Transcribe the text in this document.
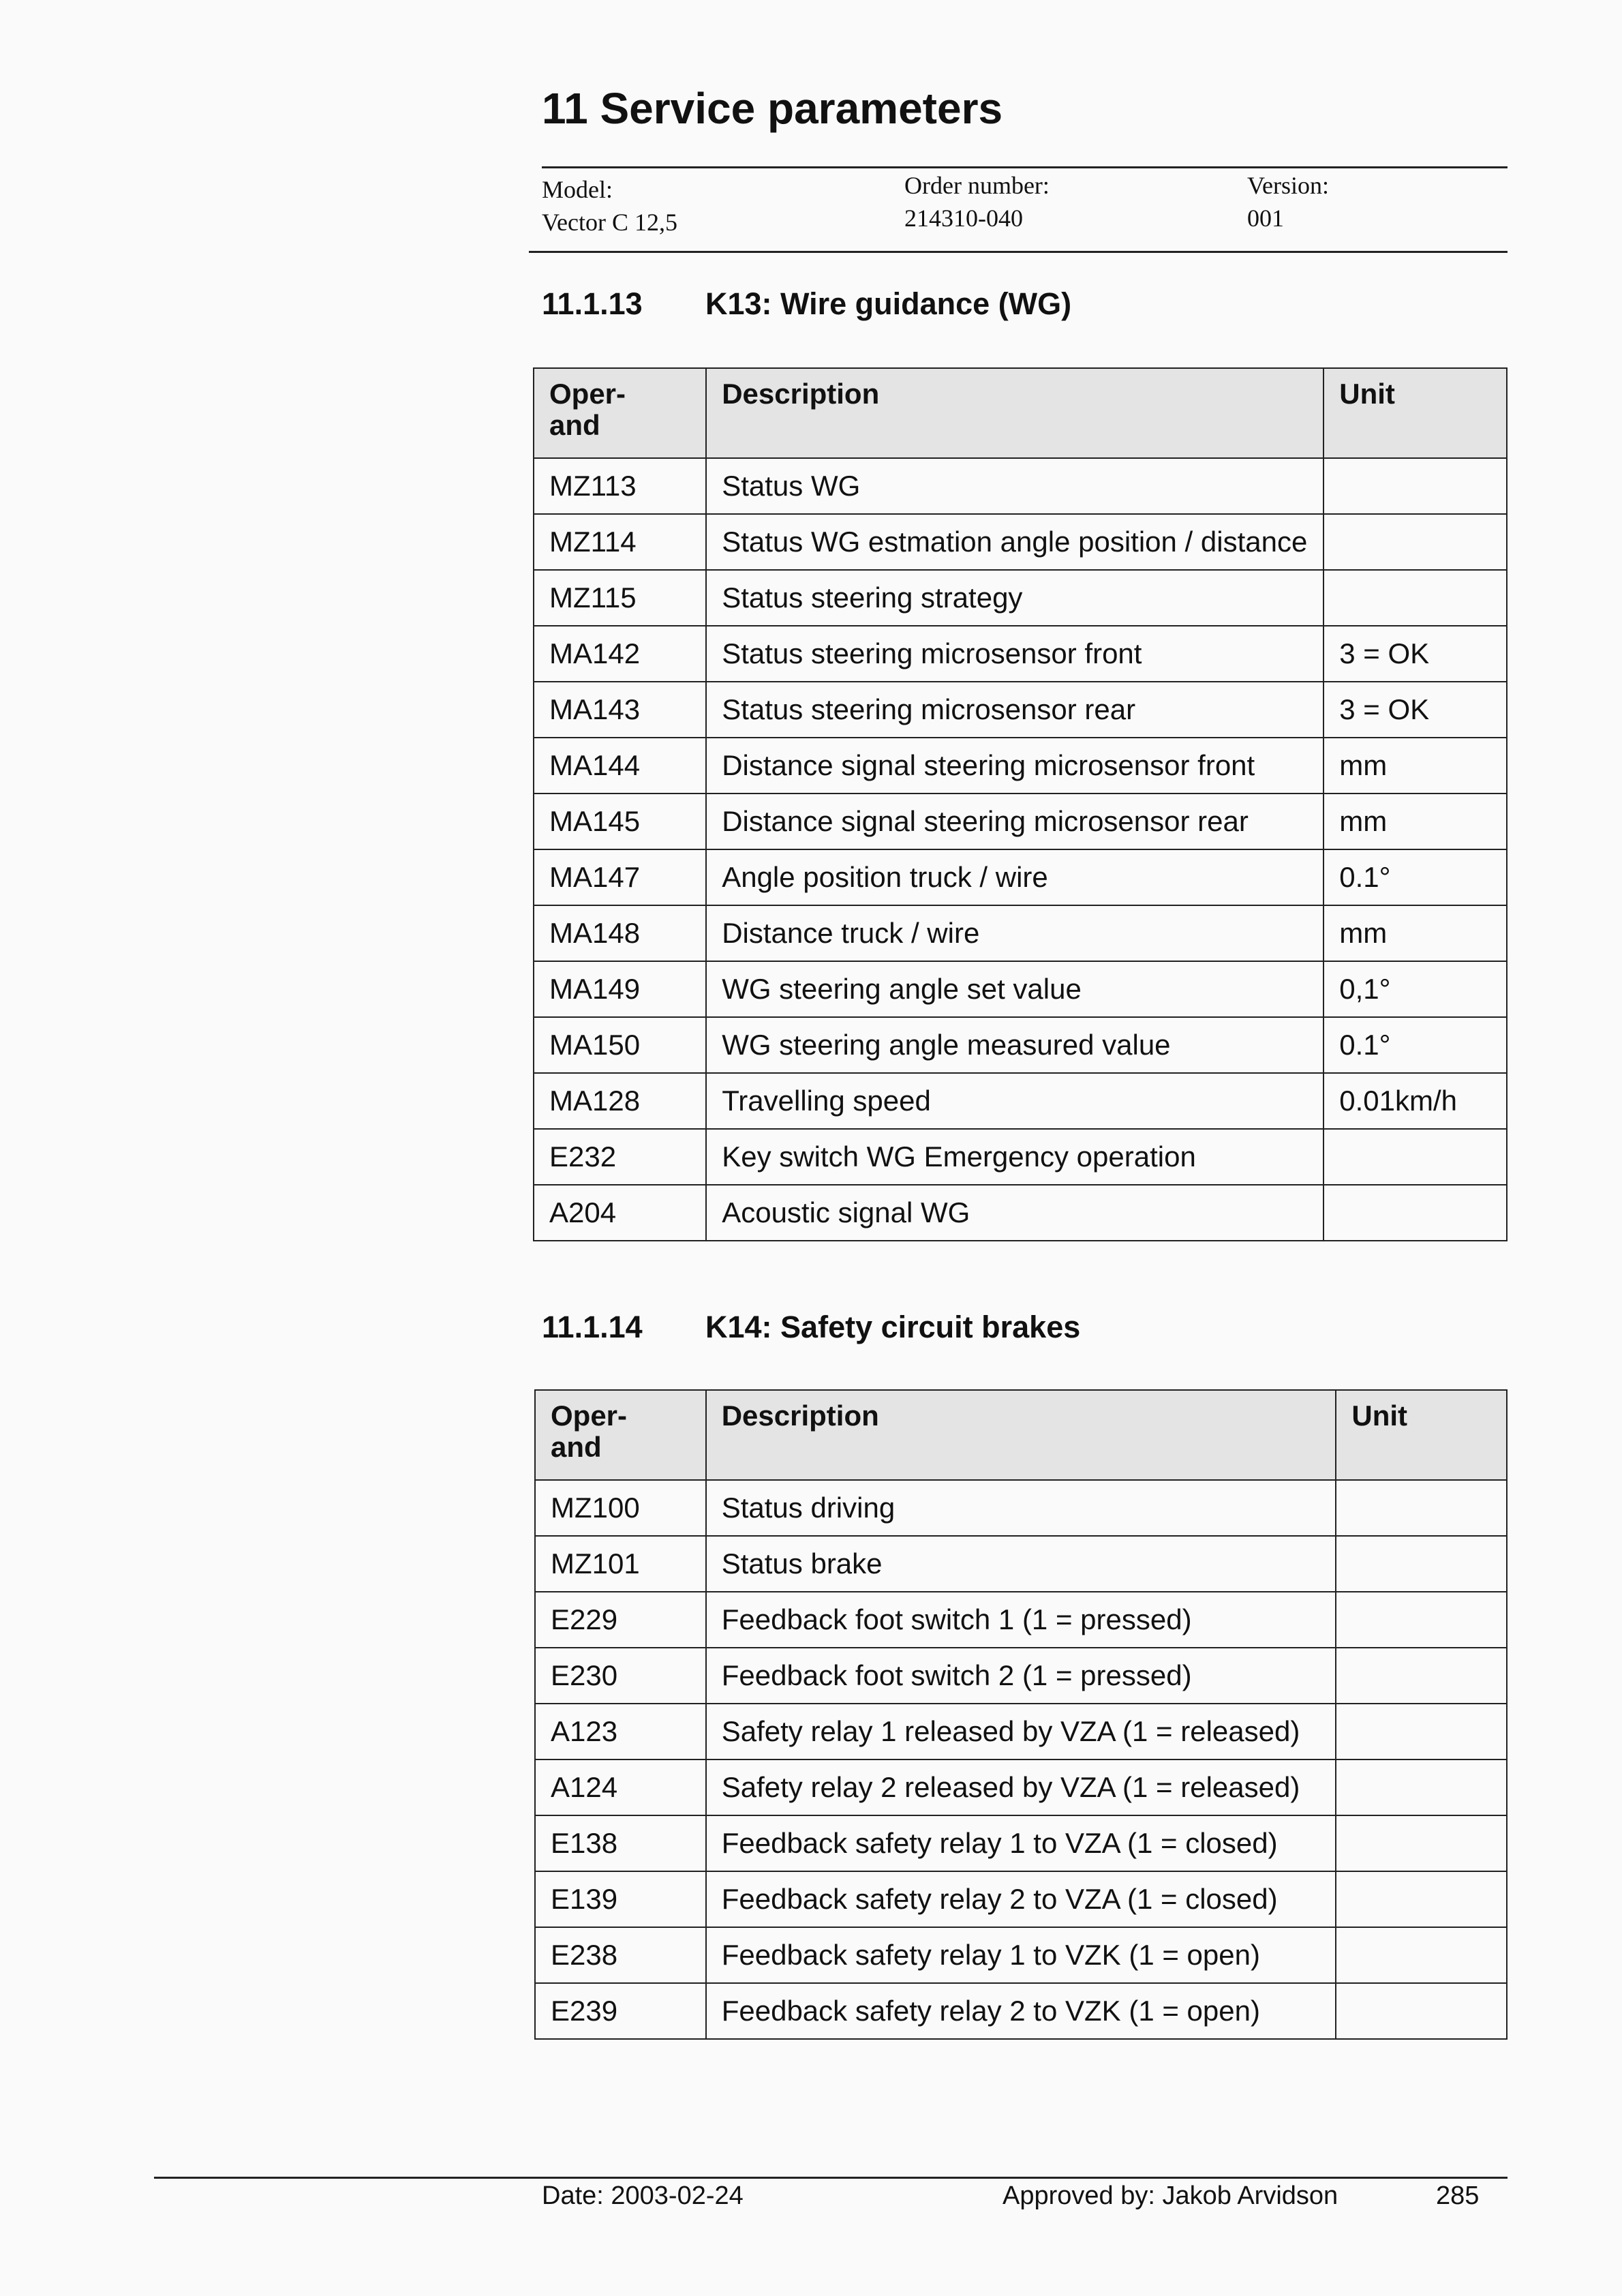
11 Service parameters
Model:
Vector C 12,5
Order number:
214310-040
Version:
001
11.1.13 K13: Wire guidance (WG)
Oper-
and	Description	Unit
MZ113	Status WG	
MZ114	Status WG estmation angle position / distance	
MZ115	Status steering strategy	
MA142	Status steering microsensor front	3 = OK
MA143	Status steering microsensor rear	3 = OK
MA144	Distance signal steering microsensor front	mm
MA145	Distance signal steering microsensor rear	mm
MA147	Angle position truck / wire	0.1°
MA148	Distance truck / wire	mm
MA149	WG steering angle set value	0,1°
MA150	WG steering angle measured value	0.1°
MA128	Travelling speed	0.01km/h
E232	Key switch WG Emergency operation	
A204	Acoustic signal WG	
11.1.14 K14: Safety circuit brakes
Oper-
and	Description	Unit
MZ100	Status driving	
MZ101	Status brake	
E229	Feedback foot switch 1 (1 = pressed)	
E230	Feedback foot switch 2 (1 = pressed)	
A123	Safety relay 1 released by VZA (1 = released)	
A124	Safety relay 2 released by VZA (1 = released)	
E138	Feedback safety relay 1 to VZA (1 = closed)	
E139	Feedback safety relay 2 to VZA (1 = closed)	
E238	Feedback safety relay 1 to VZK (1 = open)	
E239	Feedback safety relay 2 to VZK (1 = open)	
Date: 2003-02-24	Approved by: Jakob Arvidson	285
